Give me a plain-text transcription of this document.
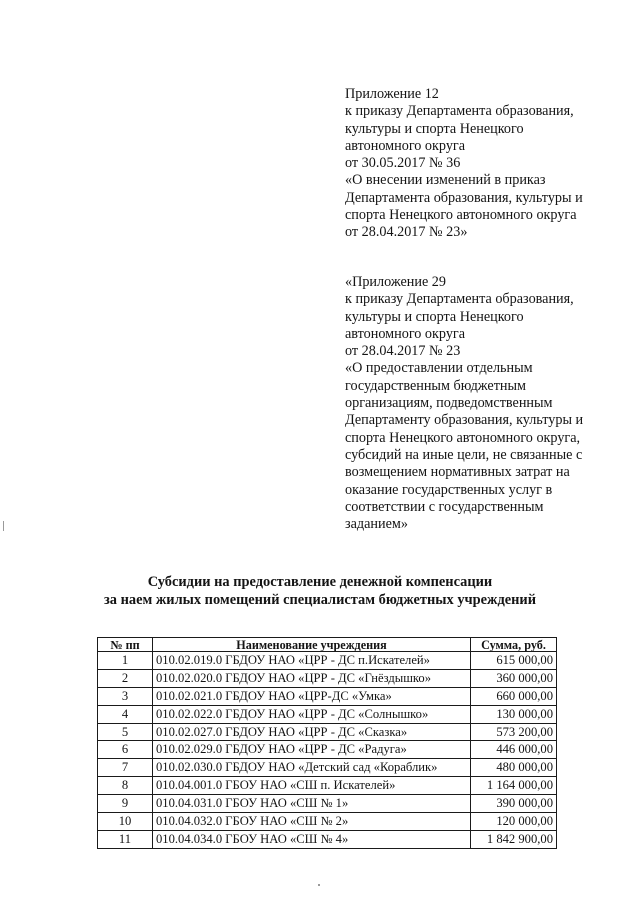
Приложение 12
к приказу Департамента образования,
культуры и спорта Ненецкого
автономного округа
от 30.05.2017 № 36
«О внесении изменений в приказ
Департамента образования, культуры и
спорта Ненецкого автономного округа
от 28.04.2017 № 23»
«Приложение 29
к приказу Департамента образования,
культуры и спорта Ненецкого
автономного округа
от 28.04.2017 № 23
«О предоставлении отдельным
государственным бюджетным
организациям, подведомственным
Департаменту образования, культуры и
спорта Ненецкого автономного округа,
субсидий на иные цели, не связанные с
возмещением нормативных затрат на
оказание государственных услуг в
соответствии с государственным
заданием»
Субсидии на предоставление денежной компенсации
за наем жилых помещений специалистам бюджетных учреждений
№ пп	Наименование учреждения	Сумма, руб.
1	010.02.019.0 ГБДОУ НАО «ЦРР - ДС п.Искателей»	615 000,00
2	010.02.020.0 ГБДОУ НАО «ЦРР - ДС «Гнёздышко»	360 000,00
3	010.02.021.0 ГБДОУ НАО «ЦРР-ДС «Умка»	660 000,00
4	010.02.022.0 ГБДОУ НАО «ЦРР - ДС «Солнышко»	130 000,00
5	010.02.027.0 ГБДОУ НАО «ЦРР - ДС «Сказка»	573 200,00
6	010.02.029.0 ГБДОУ НАО «ЦРР - ДС «Радуга»	446 000,00
7	010.02.030.0 ГБДОУ НАО «Детский сад «Кораблик»	480 000,00
8	010.04.001.0 ГБОУ НАО «СШ п. Искателей»	1 164 000,00
9	010.04.031.0 ГБОУ НАО «СШ № 1»	390 000,00
10	010.04.032.0 ГБОУ НАО «СШ № 2»	120 000,00
11	010.04.034.0 ГБОУ НАО «СШ № 4»	1 842 900,00
